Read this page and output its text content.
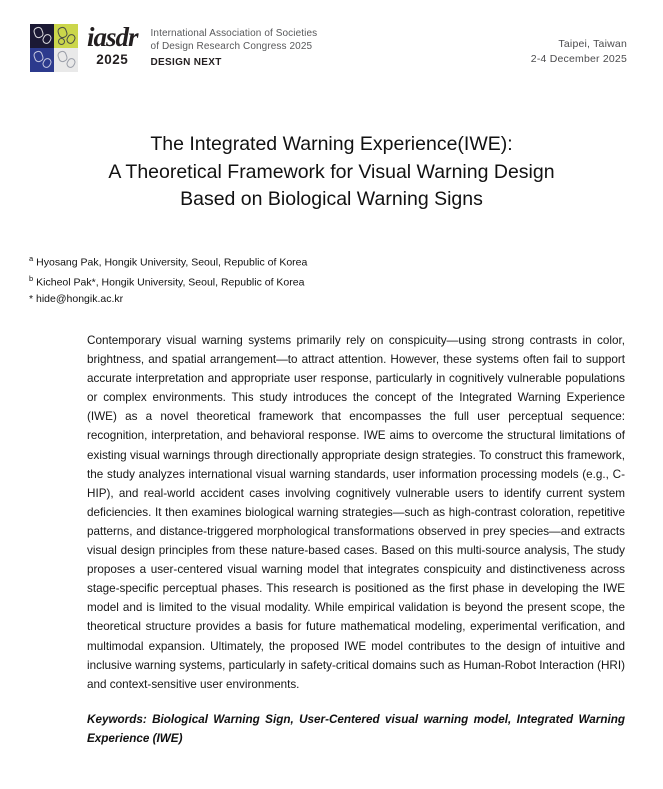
iasdr
2025
International Association of Societies
of Design Research Congress 2025
DESIGN NEXT
Taipei, Taiwan
2-4 December 2025
The Integrated Warning Experience(IWE):
A Theoretical Framework for Visual Warning Design
Based on Biological Warning Signs
$^a$ Hyosang Pak, Hongik University, Seoul, Republic of Korea
$^b$ Kicheol Pak*, Hongik University, Seoul, Republic of Korea
* hide@hongik.ac.kr

Contemporary visual warning systems primarily rely on conspicuity—using strong contrasts in color, brightness, and spatial arrangement—to attract attention. However, these systems often fail to support accurate interpretation and appropriate user response, particularly in cognitively vulnerable populations or complex environments. This study introduces the concept of the Integrated Warning Experience (IWE) as a novel theoretical framework that encompasses the full user perceptual sequence: recognition, interpretation, and behavioral response. IWE aims to overcome the structural limitations of existing visual warnings through directionally appropriate design strategies. To construct this framework, the study analyzes international visual warning standards, user information processing models (e.g., C-HIP), and real-world accident cases involving cognitively vulnerable users to identify current system deficiencies. It then examines biological warning strategies—such as high-contrast coloration, repetitive patterns, and distance-triggered morphological transformations observed in prey species—and extracts visual design principles from these nature-based cases. Based on this multi-source analysis, The study proposes a user-centered visual warning model that integrates conspicuity and distinctiveness across stage-specific perceptual phases. This research is positioned as the first phase in developing the IWE model and is limited to the visual modality. While empirical validation is beyond the present scope, the theoretical structure provides a basis for future mathematical modeling, experimental verification, and multimodal expansion. Ultimately, the proposed IWE model contributes to the design of intuitive and inclusive warning systems, particularly in safety-critical domains such as Human-Robot Interaction (HRI) and context-sensitive user environments.

Keywords: Biological Warning Sign, User-Centered visual warning model, Integrated Warning Experience (IWE)
